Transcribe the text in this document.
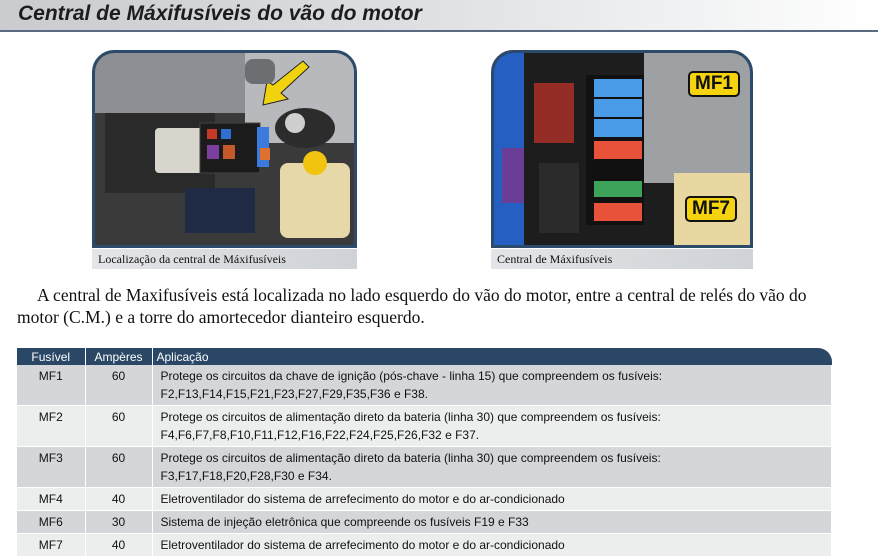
Central de Máxifusíveis do vão do motor
Localização da central de Máxifusíveis
MF1
MF7
Central de Máxifusíveis
A central de Maxifusíveis está localizada no lado esquerdo do vão do motor, entre a central de relés do vão do motor (C.M.) e a torre do amortecedor dianteiro esquerdo.
Fusível	Ampères	Aplicação
MF1	60	Protege os circuitos da chave de ignição (pós-chave - linha 15) que compreendem os fusíveis:
F2,F13,F14,F15,F21,F23,F27,F29,F35,F36 e F38.
MF2	60	Protege os circuitos de alimentação direto da bateria (linha 30) que compreendem os fusíveis:
F4,F6,F7,F8,F10,F11,F12,F16,F22,F24,F25,F26,F32 e F37.
MF3	60	Protege os circuitos de alimentação direto da bateria (linha 30) que compreendem os fusíveis:
F3,F17,F18,F20,F28,F30 e F34.
MF4	40	Eletroventilador do sistema de arrefecimento do motor e do ar-condicionado
MF6	30	Sistema de injeção eletrônica que compreende os fusíveis F19 e F33
MF7	40	Eletroventilador do sistema de arrefecimento do motor e do ar-condicionado
